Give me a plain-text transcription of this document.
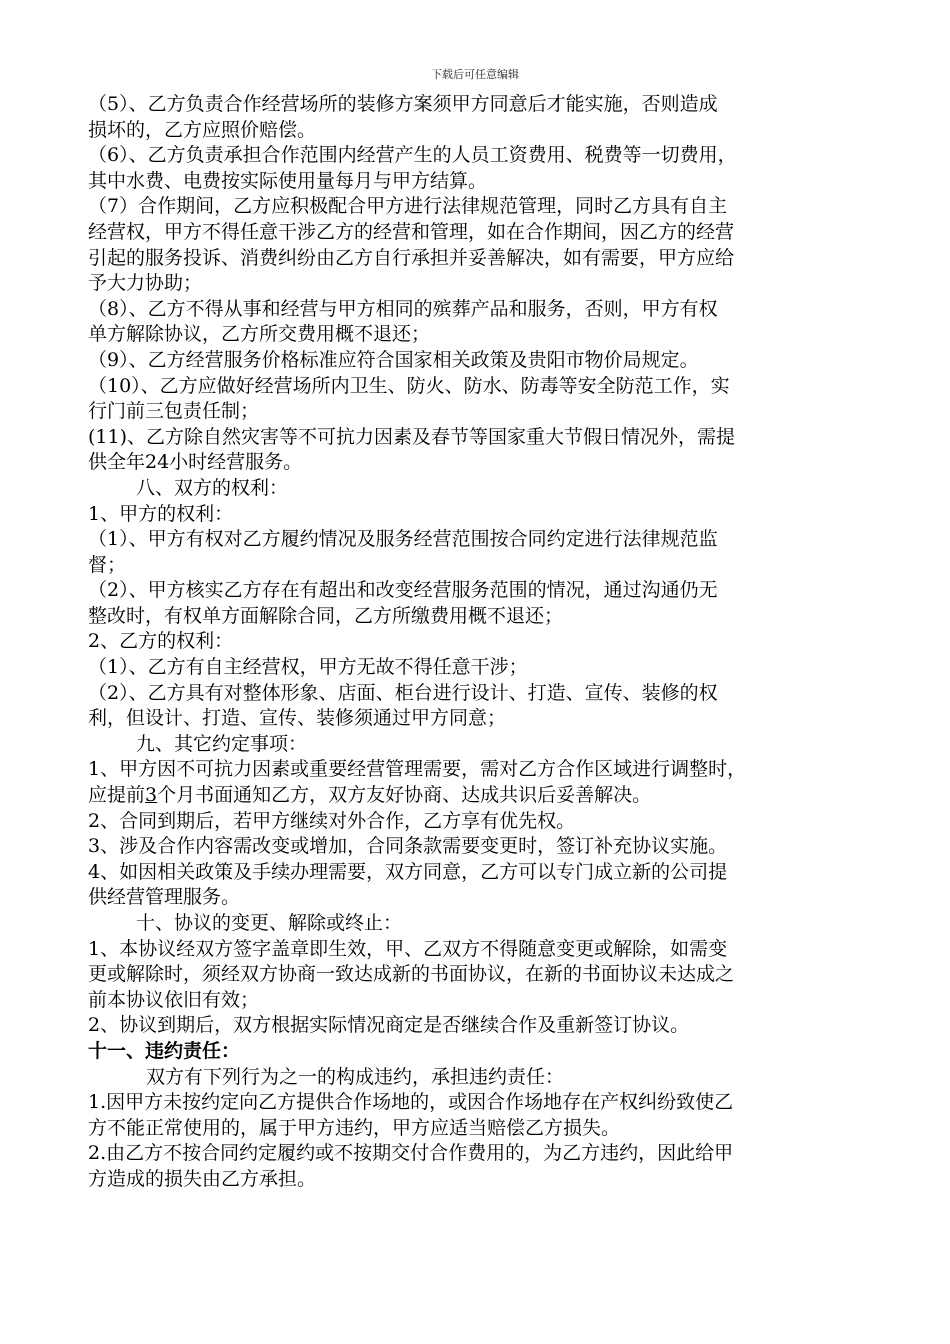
下载后可任意编辑
（5）、乙方负责合作经营场所的装修方案须甲方同意后才能实施，否则造成
损坏的，乙方应照价赔偿。
（6）、乙方负责承担合作范围内经营产生的人员工资费用、税费等一切费用，
其中水费、电费按实际使用量每月与甲方结算。
（7）合作期间，乙方应积极配合甲方进行法律规范管理，同时乙方具有自主
经营权，甲方不得任意干涉乙方的经营和管理，如在合作期间，因乙方的经营
引起的服务投诉、消费纠纷由乙方自行承担并妥善解决，如有需要，甲方应给
予大力协助；
（8）、乙方不得从事和经营与甲方相同的殡葬产品和服务，否则，甲方有权
单方解除协议，乙方所交费用概不退还；
（9）、乙方经营服务价格标准应符合国家相关政策及贵阳市物价局规定。
（10）、乙方应做好经营场所内卫生、防火、防水、防毒等安全防范工作，实
行门前三包责任制；
(11)、乙方除自然灾害等不可抗力因素及春节等国家重大节假日情况外，需提
供全年24小时经营服务。
八、双方的权利：
1、甲方的权利：
（1）、甲方有权对乙方履约情况及服务经营范围按合同约定进行法律规范监
督；
（2）、甲方核实乙方存在有超出和改变经营服务范围的情况，通过沟通仍无
整改时，有权单方面解除合同，乙方所缴费用概不退还；
2、乙方的权利：
（1）、乙方有自主经营权，甲方无故不得任意干涉；
（2）、乙方具有对整体形象、店面、柜台进行设计、打造、宣传、装修的权
利，但设计、打造、宣传、装修须通过甲方同意；
九、其它约定事项：
1、甲方因不可抗力因素或重要经营管理需要，需对乙方合作区域进行调整时，
应提前3个月书面通知乙方，双方友好协商、达成共识后妥善解决。
2、合同到期后，若甲方继续对外合作，乙方享有优先权。
3、涉及合作内容需改变或增加，合同条款需要变更时，签订补充协议实施。
4、如因相关政策及手续办理需要，双方同意，乙方可以专门成立新的公司提
供经营管理服务。
十、协议的变更、解除或终止：
1、本协议经双方签字盖章即生效，甲、乙双方不得随意变更或解除，如需变
更或解除时，须经双方协商一致达成新的书面协议，在新的书面协议未达成之
前本协议依旧有效；
2、协议到期后，双方根据实际情况商定是否继续合作及重新签订协议。
十一、违约责任：
双方有下列行为之一的构成违约，承担违约责任：
1.因甲方未按约定向乙方提供合作场地的，或因合作场地存在产权纠纷致使乙
方不能正常使用的，属于甲方违约，甲方应适当赔偿乙方损失。
2.由乙方不按合同约定履约或不按期交付合作费用的，为乙方违约，因此给甲
方造成的损失由乙方承担。
